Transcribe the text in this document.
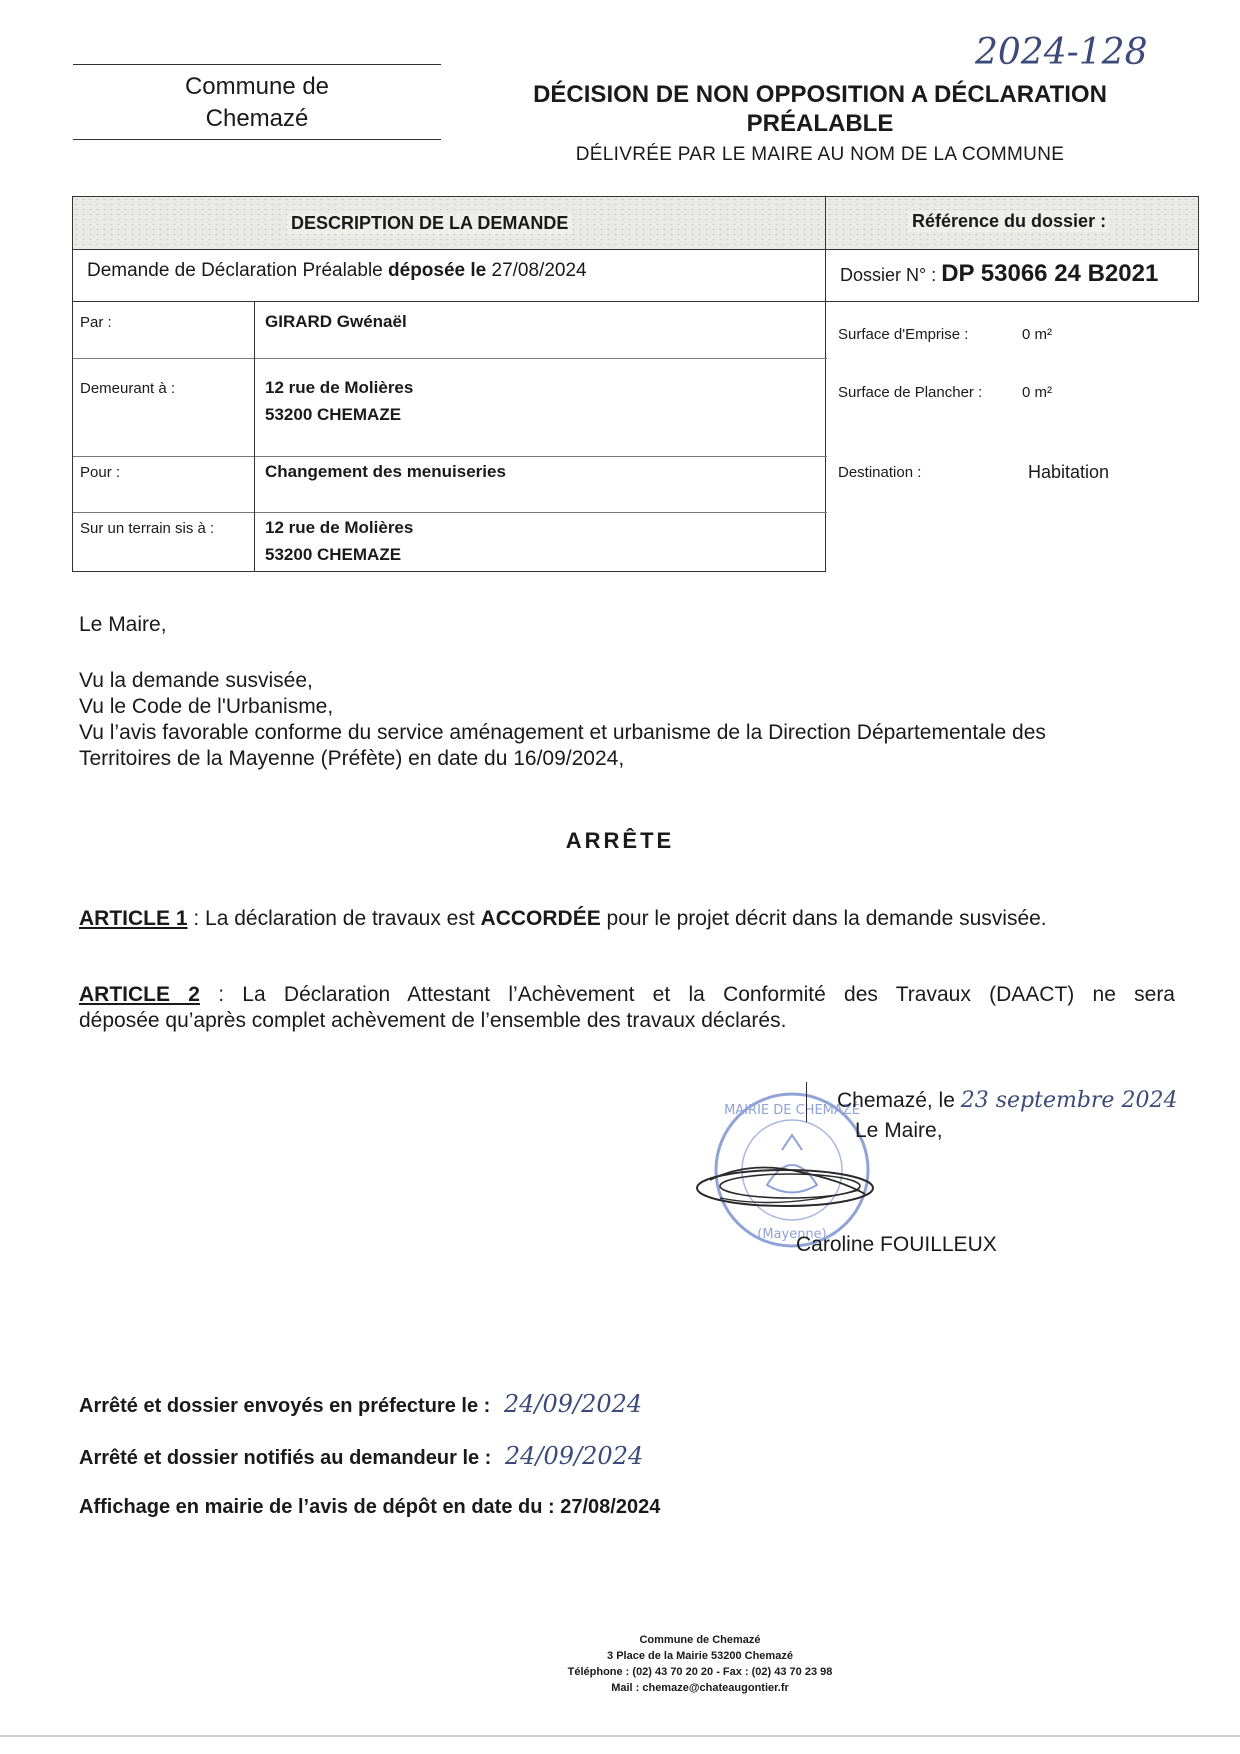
Commune de
Chemazé
2024-128
DÉCISION DE NON OPPOSITION A DÉCLARATION
PRÉALABLE
DÉLIVRÉE PAR LE MAIRE AU NOM DE LA COMMUNE
DESCRIPTION DE LA DEMANDE	Référence du dossier :
Demande de Déclaration Préalable déposée le 27/08/2024	Dossier N° : DP 53066 24 B2021
Par :	GIRARD Gwénaël
Demeurant à :	12 rue de Molières
53200 CHEMAZE
Pour :	Changement des menuiseries
Sur un terrain sis à :	12 rue de Molières
53200 CHEMAZE
Surface d'Emprise :	0 m²
Surface de Plancher :	0 m²
Destination :	Habitation
Le Maire,
Vu la demande susvisée,
Vu le Code de l'Urbanisme,
Vu l’avis favorable conforme du service aménagement et urbanisme de la Direction Départementale des
Territoires de la Mayenne (Préfète) en date du 16/09/2024,
ARRÊTE
ARTICLE 1 : La déclaration de travaux est ACCORDÉE pour le projet décrit dans la demande susvisée.
ARTICLE 2 : La Déclaration Attestant l’Achèvement et la Conformité des Travaux (DAACT) ne sera
déposée qu’après complet achèvement de l’ensemble des travaux déclarés.
MAIRIE DE CHEMAZÉ
(Mayenne)
Chemazé, le 23 septembre 2024
Le Maire,
Caroline FOUILLEUX
Arrêté et dossier envoyés en préfecture le : 24/09/2024
Arrêté et dossier notifiés au demandeur le : 24/09/2024
Affichage en mairie de l’avis de dépôt en date du : 27/08/2024
Commune de Chemazé
3 Place de la Mairie 53200 Chemazé
Téléphone : (02) 43 70 20 20 - Fax : (02) 43 70 23 98
Mail : chemaze@chateaugontier.fr
